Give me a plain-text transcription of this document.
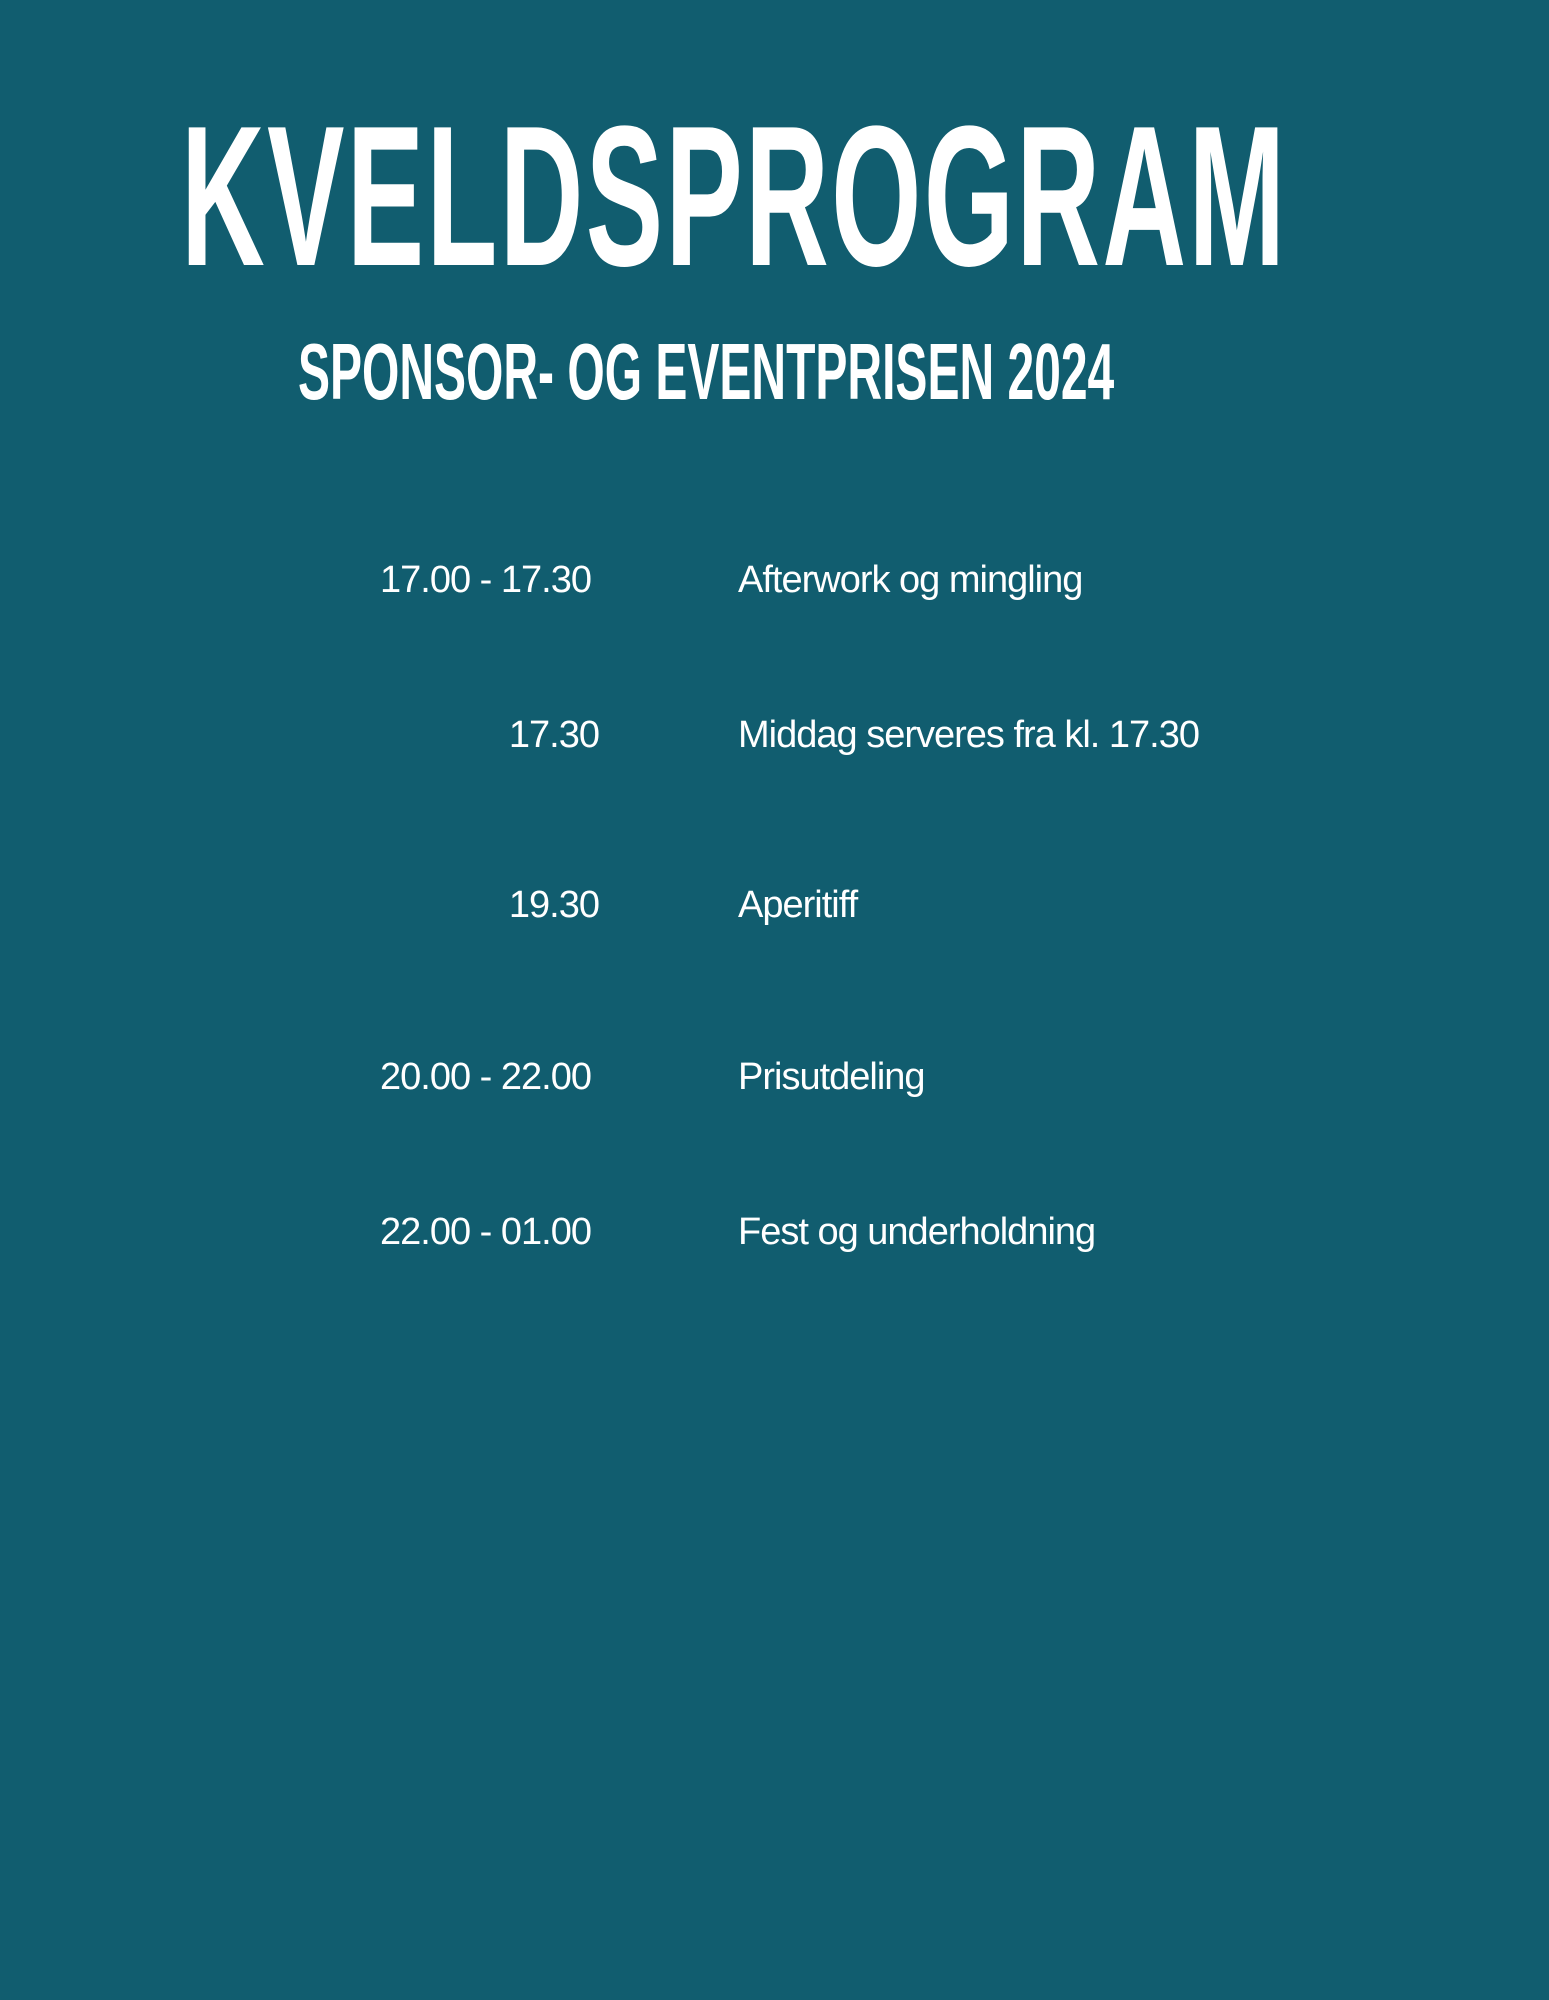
KVELDSPROGRAM
SPONSOR- OG EVENTPRISEN 2024
17.00 - 17.30	Afterwork og mingling
17.30	Middag serveres fra kl. 17.30
19.30	Aperitiff
20.00 - 22.00	Prisutdeling
22.00 - 01.00	Fest og underholdning
